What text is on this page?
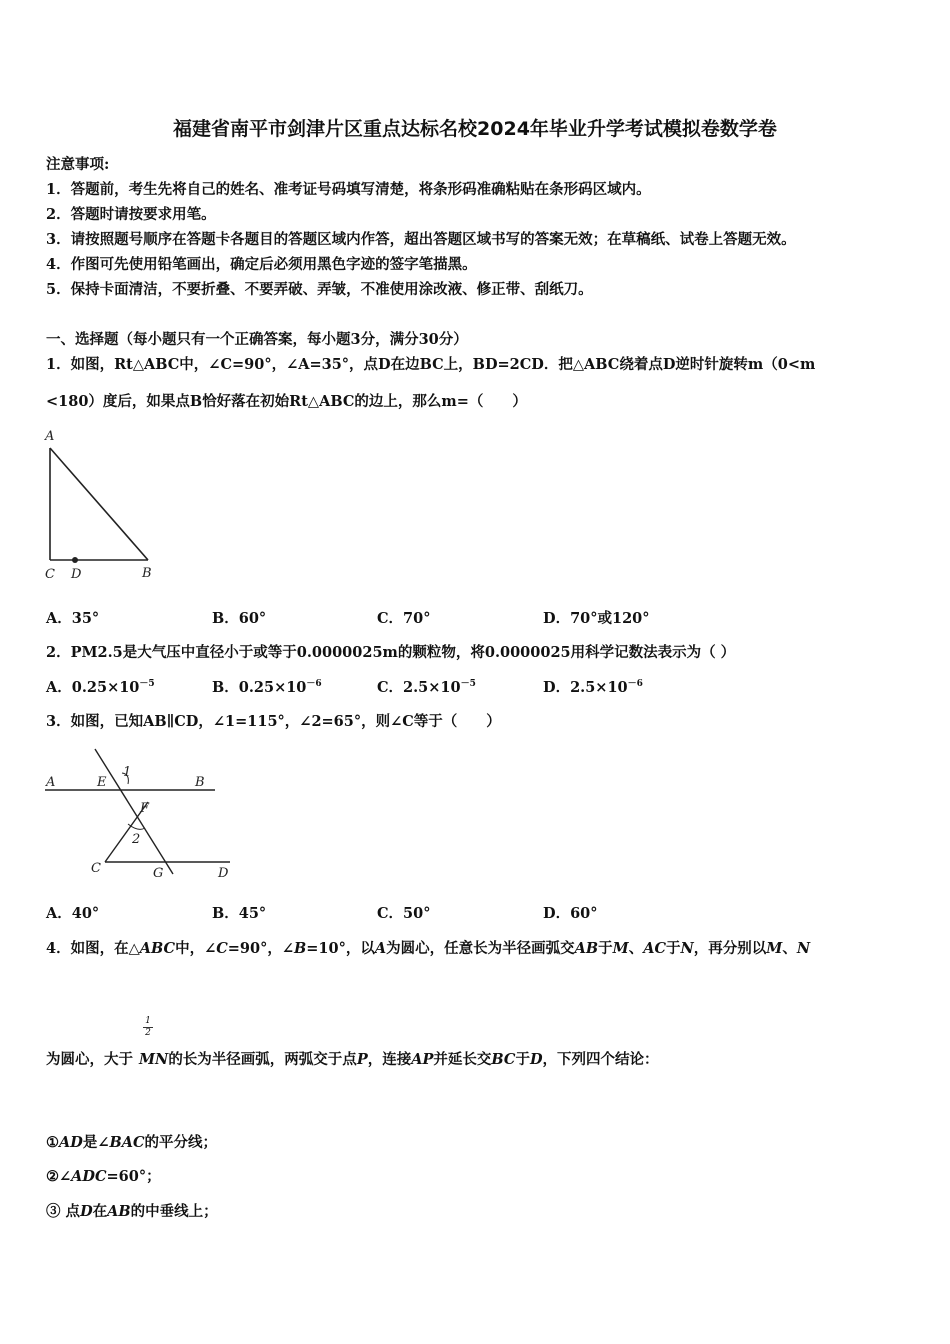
福建省南平市剑津片区重点达标名校2024年毕业升学考试模拟卷数学卷
注意事项:
1．答题前，考生先将自己的姓名、准考证号码填写清楚，将条形码准确粘贴在条形码区域内。
2．答题时请按要求用笔。
3．请按照题号顺序在答题卡各题目的答题区域内作答，超出答题区域书写的答案无效；在草稿纸、试卷上答题无效。
4．作图可先使用铅笔画出，确定后必须用黑色字迹的签字笔描黑。
5．保持卡面清洁，不要折叠、不要弄破、弄皱，不准使用涂改液、修正带、刮纸刀。
一、选择题（每小题只有一个正确答案，每小题3分，满分30分）
1．如图，Rt△ABC中，∠C=90°，∠A=35°，点D在边BC上，BD=2CD．把△ABC绕着点D逆时针旋转m（0<m
<180）度后，如果点B恰好落在初始Rt△ABC的边上，那么m=（　　）
A
C D	B
A．35°	B．60°	C．70°	D．70°或120°
2．PM2.5是大气压中直径小于或等于0.0000025m的颗粒物，将0.0000025用科学记数法表示为（ ）
A．$0.25\times 10^{-5}$	B．$0.25\times 10^{-6}$	C．$2.5\times 10^{-5}$	D．$2.5\times 10^{-6}$
3．如图，已知AB∥CD，∠1=115°，∠2=65°，则∠C等于（　　）
A	E
1
B
F
2
C	G	D
A．40°	B．45°	C．50°	D．60°
4．如图，在△ABC中，∠C=90°，∠B=10°，以A为圆心，任意长为半径画弧交AB于M、AC于N，再分别以M、N
1
2
为圆心，大于 MN的长为半径画弧，两弧交于点P，连接AP并延长交BC于D，下列四个结论：
①AD是∠BAC的平分线；
②∠ADC=60°；
③ 点D在AB的中垂线上；
